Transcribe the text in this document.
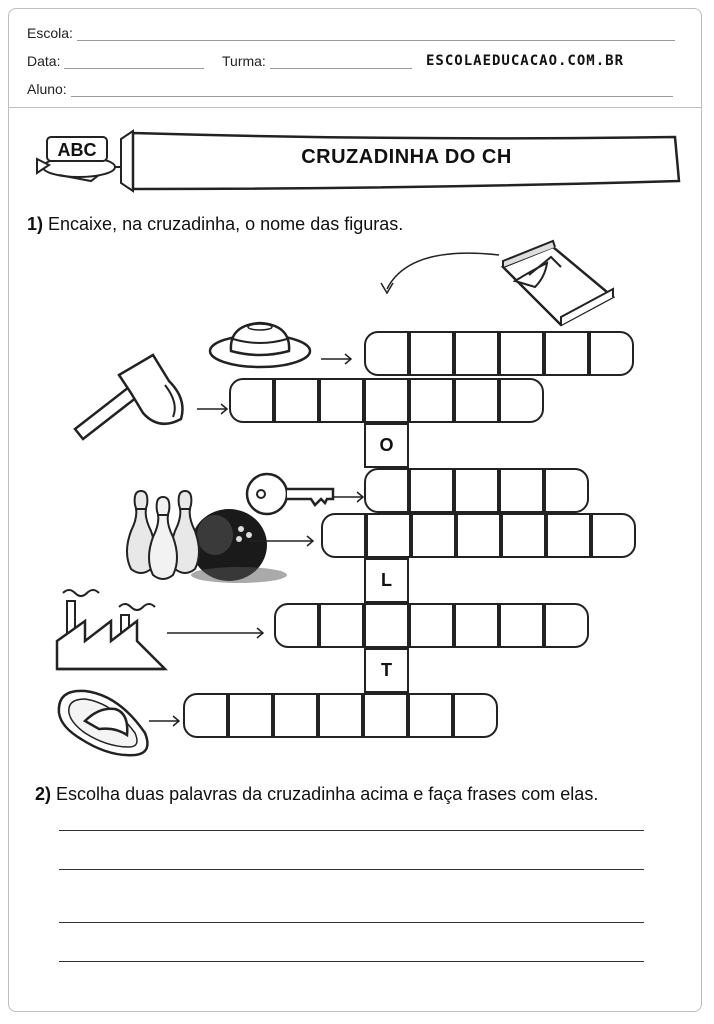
Escola:
Data:	Turma:	ESCOLAEDUCACAO.COM.BR
Aluno:
ABC	CRUZADINHA DO CH
1) Encaixe, na cruzadinha, o nome das figuras.
O
L
T
2) Escolha duas palavras da cruzadinha acima e faça frases com elas.
